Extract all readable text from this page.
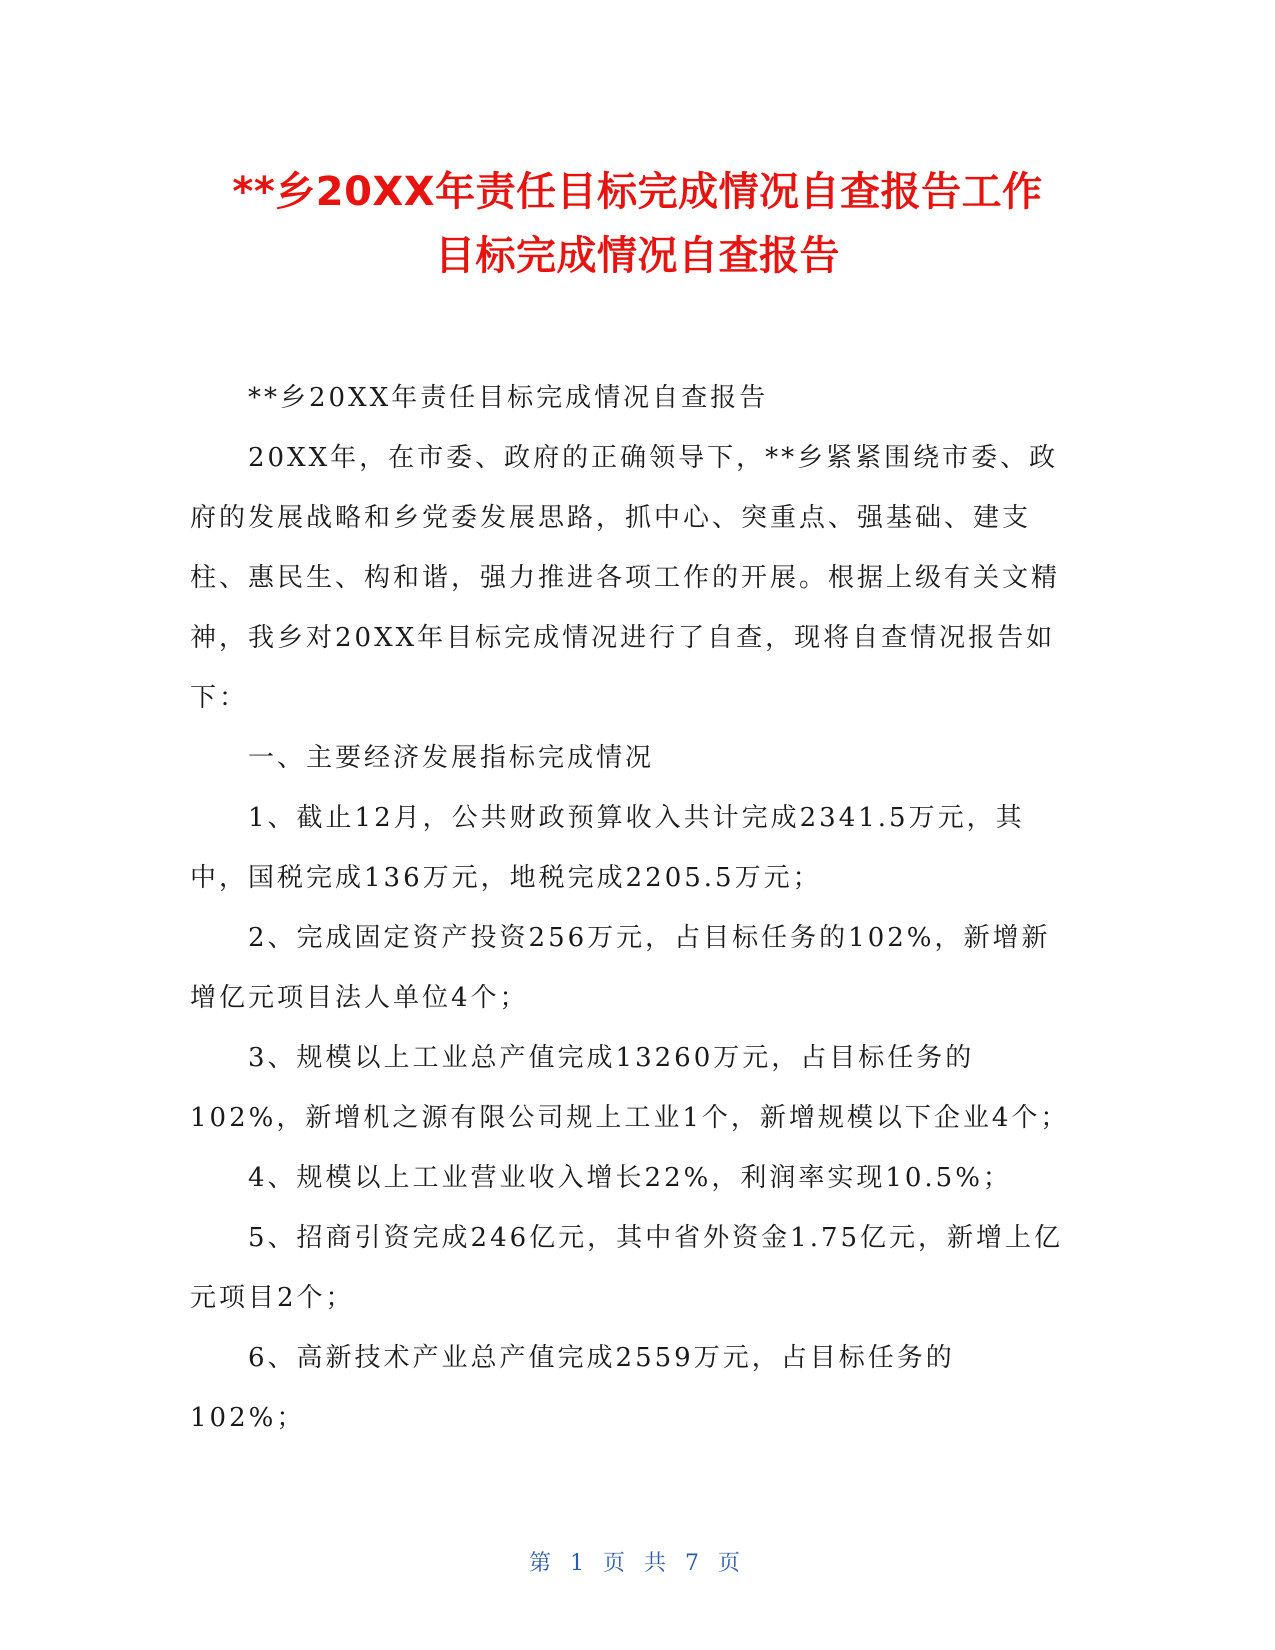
**乡20XX年责任目标完成情况自查报告工作
目标完成情况自查报告

**乡20XX年责任目标完成情况自查报告

20XX年，在市委、政府的正确领导下，**乡紧紧围绕市委、政府的发展战略和乡党委发展思路，抓中心、突重点、强基础、建支柱、惠民生、构和谐，强力推进各项工作的开展。根据上级有关文精神，我乡对20XX年目标完成情况进行了自查，现将自查情况报告如下：

一、主要经济发展指标完成情况

1、截止12月，公共财政预算收入共计完成2341.5万元，其中，国税完成136万元，地税完成2205.5万元；

2、完成固定资产投资256万元，占目标任务的102%，新增新增亿元项目法人单位4个；

3、规模以上工业总产值完成13260万元，占目标任务的102%，新增机之源有限公司规上工业1个，新增规模以下企业4个；

4、规模以上工业营业收入增长22%，利润率实现10.5%；

5、招商引资完成246亿元，其中省外资金1.75亿元，新增上亿元项目2个；

6、高新技术产业总产值完成2559万元，占目标任务的102%；

第 1 页 共 7 页
